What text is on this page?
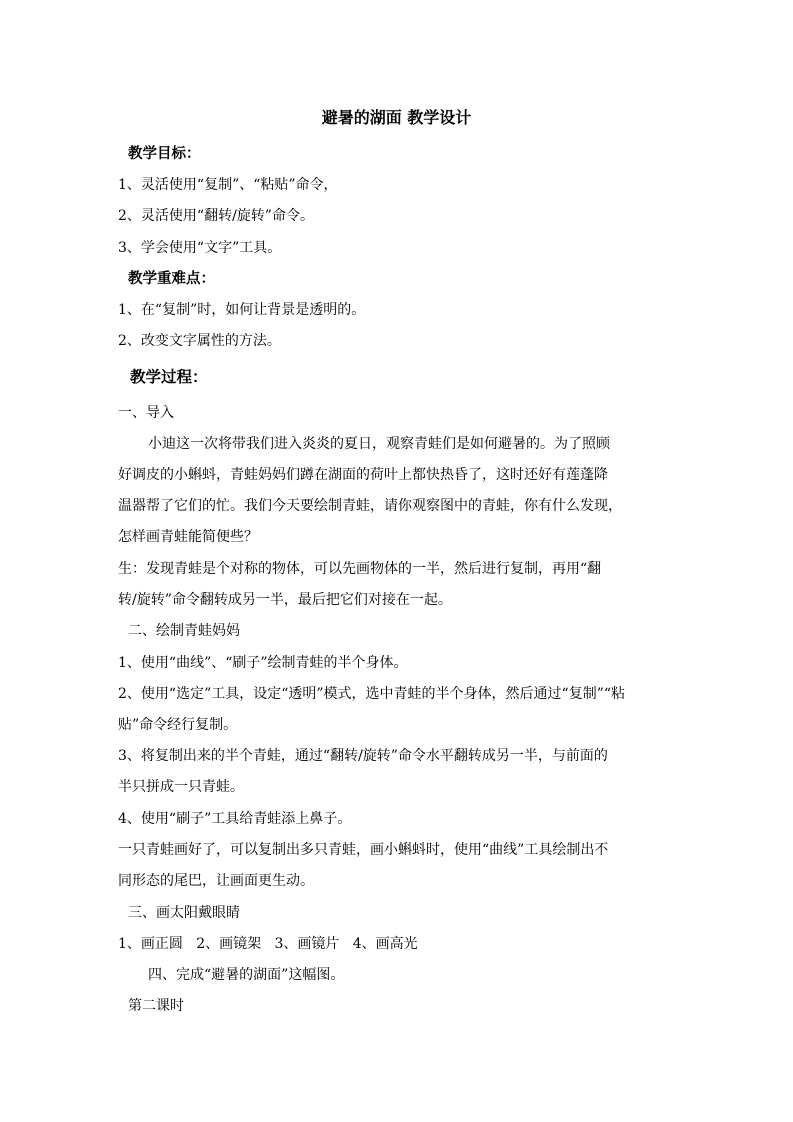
避暑的湖面 教学设计
教学目标：
1、灵活使用“复制”、“粘贴”命令，
2、灵活使用“翻转/旋转”命令。
3、学会使用“文字”工具。
教学重难点：
1、在“复制”时，如何让背景是透明的。
2、改变文字属性的方法。
教学过程：
一、导入
小迪这一次将带我们进入炎炎的夏日，观察青蛙们是如何避暑的。为了照顾
好调皮的小蝌蚪，青蛙妈妈们蹲在湖面的荷叶上都快热昏了，这时还好有莲蓬降
温器帮了它们的忙。我们今天要绘制青蛙，请你观察图中的青蛙，你有什么发现，
怎样画青蛙能简便些？
生：发现青蛙是个对称的物体，可以先画物体的一半，然后进行复制，再用“翻
转/旋转”命令翻转成另一半，最后把它们对接在一起。
二、绘制青蛙妈妈
1、使用“曲线”、“刷子”绘制青蛙的半个身体。
2、使用“选定”工具，设定“透明”模式，选中青蛙的半个身体，然后通过“复制”“粘
贴”命令经行复制。
3、将复制出来的半个青蛙，通过“翻转/旋转”命令水平翻转成另一半，与前面的
半只拼成一只青蛙。
4、使用“刷子”工具给青蛙添上鼻子。
一只青蛙画好了，可以复制出多只青蛙，画小蝌蚪时，使用“曲线”工具绘制出不
同形态的尾巴，让画面更生动。
三、画太阳戴眼睛
1、画正圆   2、画镜架   3、画镜片   4、画高光
四、完成“避暑的湖面”这幅图。
第二课时
